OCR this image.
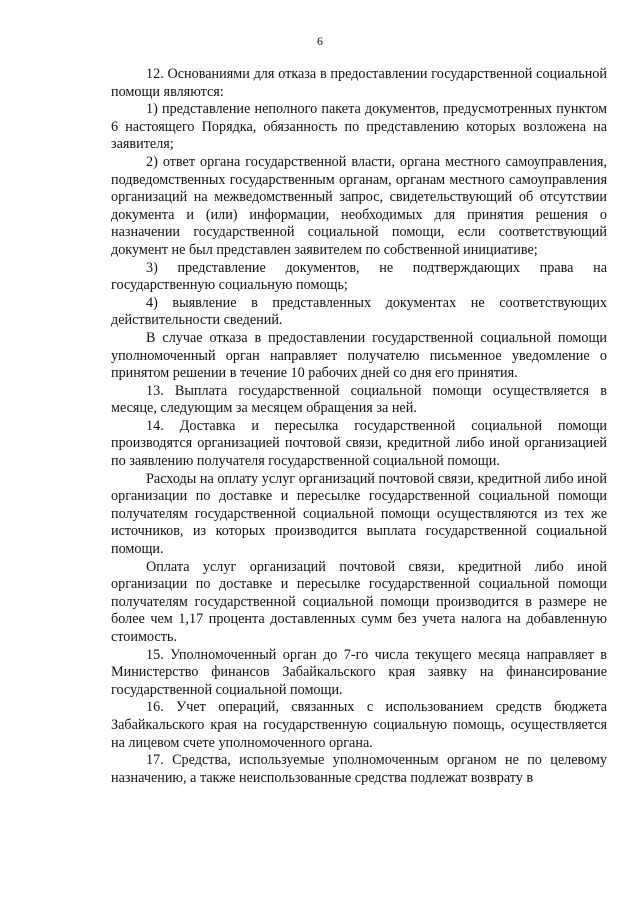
6

12. Основаниями для отказа в предоставлении государственной социальной помощи являются:

1) представление неполного пакета документов, предусмотренных пунктом 6 настоящего Порядка, обязанность по представлению которых возложена на заявителя;

2) ответ органа государственной власти, органа местного самоуправления, подведомственных государственным органам, органам местного самоуправления организаций на межведомственный запрос, свидетельствующий об отсутствии документа и (или) информации, необходимых для принятия решения о назначении государственной социальной помощи, если соответствующий документ не был представлен заявителем по собственной инициативе;

3) представление документов, не подтверждающих права на государственную социальную помощь;

4) выявление в представленных документах не соответствующих действительности сведений.

В случае отказа в предоставлении государственной социальной помощи уполномоченный орган направляет получателю письменное уведомление о принятом решении в течение 10 рабочих дней со дня его принятия.

13. Выплата государственной социальной помощи осуществляется в месяце, следующим за месяцем обращения за ней.

14. Доставка и пересылка государственной социальной помощи производятся организацией почтовой связи, кредитной либо иной организацией по заявлению получателя государственной социальной помощи.

Расходы на оплату услуг организаций почтовой связи, кредитной либо иной организации по доставке и пересылке государственной социальной помощи получателям государственной социальной помощи осуществляются из тех же источников, из которых производится выплата государственной социальной помощи.

Оплата услуг организаций почтовой связи, кредитной либо иной организации по доставке и пересылке государственной социальной помощи получателям государственной социальной помощи производится в размере не более чем 1,17 процента доставленных сумм без учета налога на добавленную стоимость.

15. Уполномоченный орган до 7-го числа текущего месяца направляет в Министерство финансов Забайкальского края заявку на финансирование государственной социальной помощи.

16. Учет операций, связанных с использованием средств бюджета Забайкальского края на государственную социальную помощь, осуществляется на лицевом счете уполномоченного органа.

17. Средства, используемые уполномоченным органом не по целевому назначению, а также неиспользованные средства подлежат возврату в
